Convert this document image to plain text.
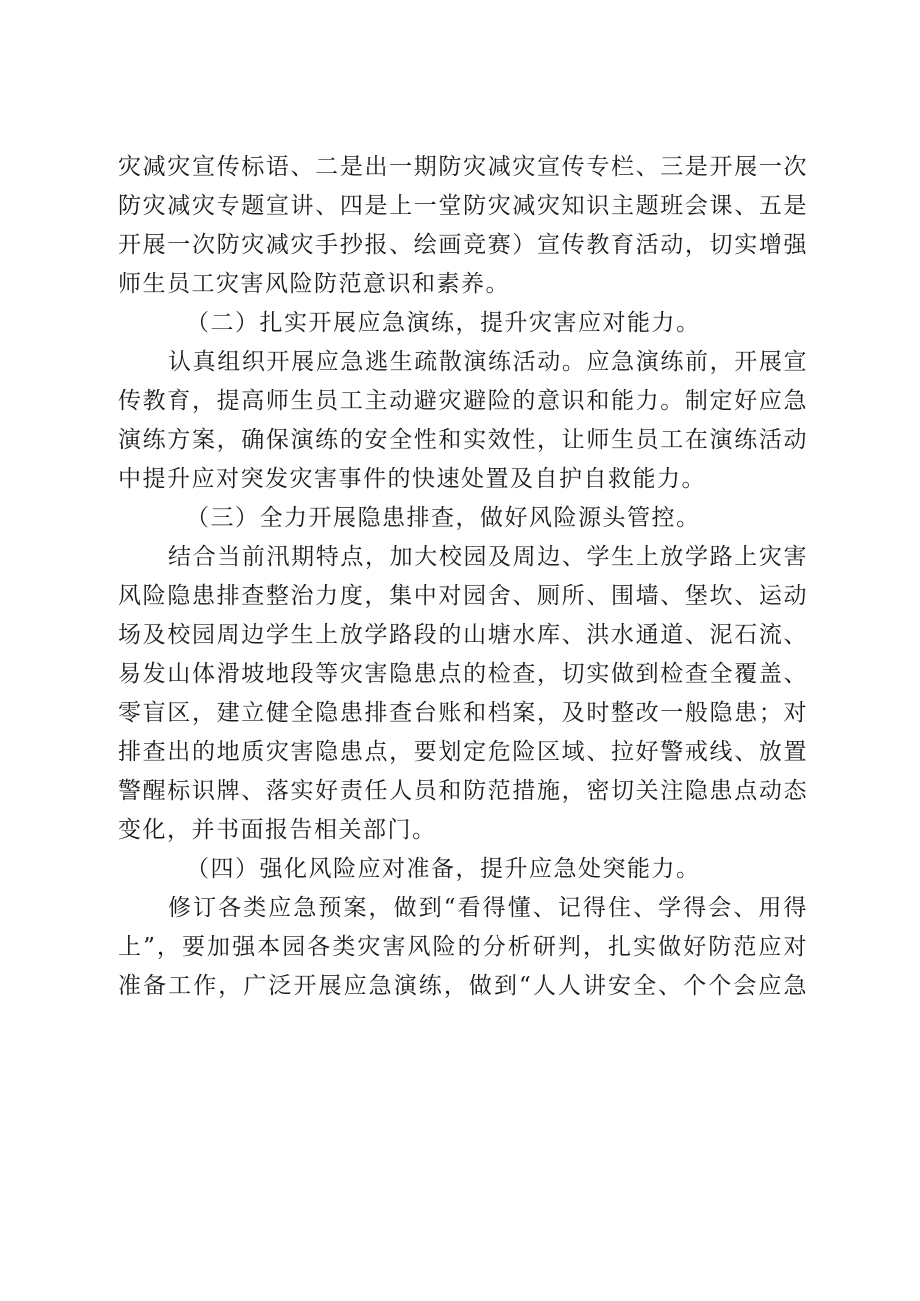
灾减灾宣传标语、二是出一期防灾减灾宣传专栏、三是开展一次
防灾减灾专题宣讲、四是上一堂防灾减灾知识主题班会课、五是
开展一次防灾减灾手抄报、绘画竞赛）宣传教育活动，切实增强
师生员工灾害风险防范意识和素养。
（二）扎实开展应急演练，提升灾害应对能力。
认真组织开展应急逃生疏散演练活动。应急演练前，开展宣
传教育，提高师生员工主动避灾避险的意识和能力。制定好应急
演练方案，确保演练的安全性和实效性，让师生员工在演练活动
中提升应对突发灾害事件的快速处置及自护自救能力。
（三）全力开展隐患排查，做好风险源头管控。
结合当前汛期特点，加大校园及周边、学生上放学路上灾害
风险隐患排查整治力度，集中对园舍、厕所、围墙、堡坎、运动
场及校园周边学生上放学路段的山塘水库、洪水通道、泥石流、
易发山体滑坡地段等灾害隐患点的检查，切实做到检查全覆盖、
零盲区，建立健全隐患排查台账和档案，及时整改一般隐患；对
排查出的地质灾害隐患点，要划定危险区域、拉好警戒线、放置
警醒标识牌、落实好责任人员和防范措施，密切关注隐患点动态
变化，并书面报告相关部门。
（四）强化风险应对准备，提升应急处突能力。
修订各类应急预案，做到“看得懂、记得住、学得会、用得
上”，要加强本园各类灾害风险的分析研判，扎实做好防范应对
准备工作，广泛开展应急演练，做到“人人讲安全、个个会应急
